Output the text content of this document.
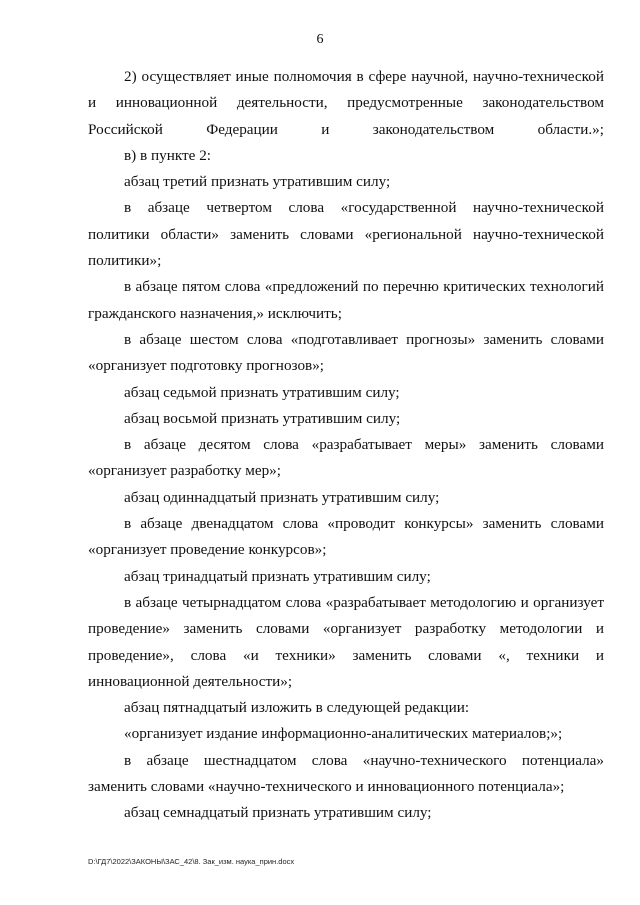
6

2) осуществляет иные полномочия в сфере научной, научно-технической и инновационной деятельности, предусмотренные законодательством Российской Федерации и законодательством области.»;

в) в пункте 2:

абзац третий признать утратившим силу;

в абзаце четвертом слова «государственной научно-технической политики области» заменить словами «региональной научно-технической политики»;

в абзаце пятом слова «предложений по перечню критических технологий гражданского назначения,» исключить;

в абзаце шестом слова «подготавливает прогнозы» заменить словами «организует подготовку прогнозов»;

абзац седьмой признать утратившим силу;

абзац восьмой признать утратившим силу;

в абзаце десятом слова «разрабатывает меры» заменить словами «организует разработку мер»;

абзац одиннадцатый признать утратившим силу;

в абзаце двенадцатом слова «проводит конкурсы» заменить словами «организует проведение конкурсов»;

абзац тринадцатый признать утратившим силу;

в абзаце четырнадцатом слова «разрабатывает методологию и организует проведение» заменить словами «организует разработку методологии и проведение», слова «и техники» заменить словами «, техники и инновационной деятельности»;

абзац пятнадцатый изложить в следующей редакции:

«организует издание информационно-аналитических материалов;»;

в абзаце шестнадцатом слова «научно-технического потенциала» заменить словами «научно-технического и инновационного потенциала»;

абзац семнадцатый признать утратившим силу;

D:\ГД7\2022\ЗАКОНЫ\ЗАС_42\8. Зак_изм. наука_прин.docx
